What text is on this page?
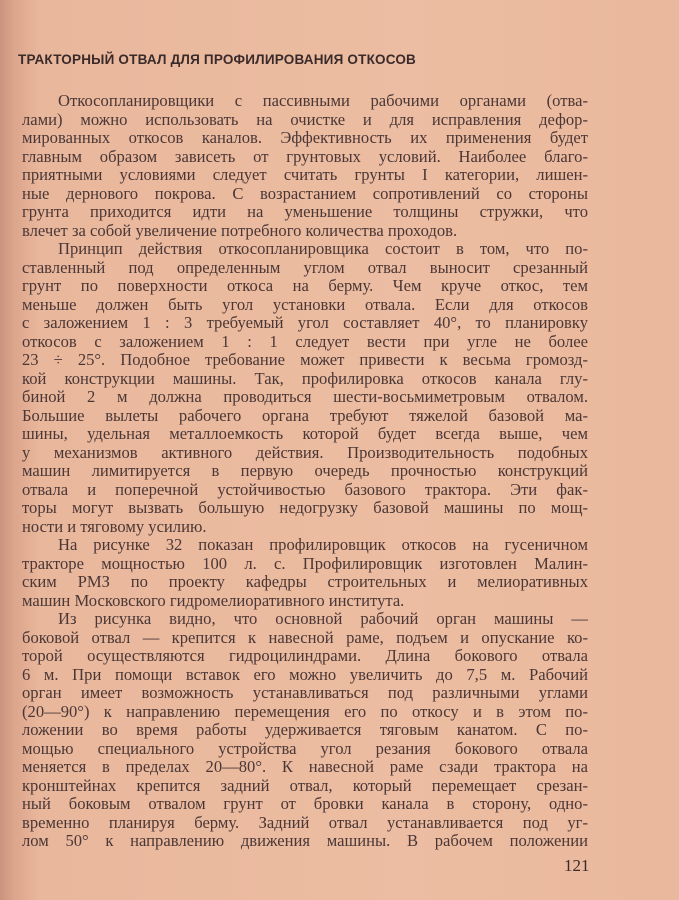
ТРАКТОРНЫЙ ОТВАЛ ДЛЯ ПРОФИЛИРОВАНИЯ ОТКОСОВ
Откосопланировщики с пассивными рабочими органами (отва-
лами) можно использовать на очистке и для исправления дефор-
мированных откосов каналов. Эффективность их применения будет
главным образом зависеть от грунтовых условий. Наиболее благо-
приятными условиями следует считать грунты I категории, лишен-
ные дернового покрова. С возрастанием сопротивлений со стороны
грунта приходится идти на уменьшение толщины стружки, что
влечет за собой увеличение потребного количества проходов.
Принцип действия откосопланировщика состоит в том, что по-
ставленный под определенным углом отвал выносит срезанный
грунт по поверхности откоса на берму. Чем круче откос, тем
меньше должен быть угол установки отвала. Если для откосов
с заложением 1 : 3 требуемый угол составляет 40°, то планировку
откосов с заложением 1 : 1 следует вести при угле не более
23 ÷ 25°. Подобное требование может привести к весьма громозд-
кой конструкции машины. Так, профилировка откосов канала глу-
биной 2 м должна проводиться шести-восьмиметровым отвалом.
Большие вылеты рабочего органа требуют тяжелой базовой ма-
шины, удельная металлоемкость которой будет всегда выше, чем
у механизмов активного действия. Производительность подобных
машин лимитируется в первую очередь прочностью конструкций
отвала и поперечной устойчивостью базового трактора. Эти фак-
торы могут вызвать большую недогрузку базовой машины по мощ-
ности и тяговому усилию.
На рисунке 32 показан профилировщик откосов на гусеничном
тракторе мощностью 100 л. с. Профилировщик изготовлен Малин-
ским РМЗ по проекту кафедры строительных и мелиоративных
машин Московского гидромелиоративного института.
Из рисунка видно, что основной рабочий орган машины —
боковой отвал — крепится к навесной раме, подъем и опускание ко-
торой осуществляются гидроцилиндрами. Длина бокового отвала
6 м. При помощи вставок его можно увеличить до 7,5 м. Рабочий
орган имеет возможность устанавливаться под различными углами
(20—90°) к направлению перемещения его по откосу и в этом по-
ложении во время работы удерживается тяговым канатом. С по-
мощью специального устройства угол резания бокового отвала
меняется в пределах 20—80°. К навесной раме сзади трактора на
кронштейнах крепится задний отвал, который перемещает срезан-
ный боковым отвалом грунт от бровки канала в сторону, одно-
временно планируя берму. Задний отвал устанавливается под уг-
лом 50° к направлению движения машины. В рабочем положении
121
